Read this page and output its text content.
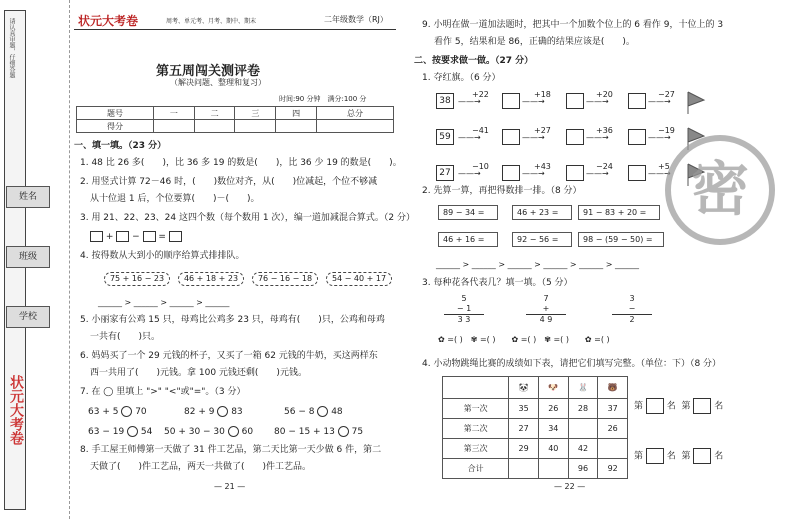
请认真审题，仔细答题
姓名
班级
学校
状元大考卷
状元大考卷	周考、单元考、月考、期中、期末	二年级数学（RJ）
第五周闯关测评卷
（解决问题、整理和复习）
时间:90 分钟　满分:100 分
题号	一	二	三	四	总分
得分					
一、填一填。（23 分）
1. 48 比 26 多(　　)，比 36 多 19 的数是(　　)，比 36 少 19 的数是(　　)。
2. 用竖式计算 72－46 时，(　　)数位对齐，从(　　)位减起，个位不够减
从十位退 1 后，个位要算(　　)－(　　)。
3. 用 21、22、23、24 这四个数（每个数用 1 次），编一道加减混合算式。（2 分）
+  −  =
4. 按得数从大到小的顺序给算式排排队。
75 + 16 − 23	46 + 18 + 23	76 − 16 − 18	54 − 40 + 17
______ > ______ > ______ > ______
5. 小丽家有公鸡 15 只，母鸡比公鸡多 23 只，母鸡有(　　)只，公鸡和母鸡
一共有(　　)只。
6. 妈妈买了一个 29 元钱的杯子，又买了一箱 62 元钱的牛奶，买这两样东
西一共用了(　　)元钱。拿 100 元钱还剩(　　)元钱。
7. 在 ◯ 里填上 ">" "<"或"="。（3 分）
63 + 5 70	82 + 9 83	56 − 8 48
63 − 19 54 50 + 30 − 30 60 80 − 15 + 13 75
8. 手工屋王师傅第一天做了 31 件工艺品，第二天比第一天少做 6 件，第二
天做了(　　)件工艺品，两天一共做了(　　)件工艺品。
— 21 —
9. 小明在做一道加法题时，把其中一个加数个位上的 6 看作 9，十位上的 3
看作 5，结果和是 86，正确的结果应该是(　　)。
二、按要求做一做。（27 分）
1. 夺红旗。（6 分）
38
+22
——→
+18
——→
+20
——→
−27
——→
59
−41
——→
+27
——→
+36
——→
−19
——→
27
−10
——→
+43
——→
−24
——→
+5
——→
2. 先算一算，再把得数排一排。（8 分）
89 − 34 =	46 + 23 =	91 − 83 + 20 =
46 + 16 =	92 − 56 =	98 − (59 − 50) =
______ > ______ > ______ > ______ > ______ > ______
3. 每种花各代表几？填一填。（5 分）
5
− 1
3 3
7
+
4 9
3
−
2
✿ =( )　✾ =( )　　✿ =( )　✾ =( )　　✿ =( )
4. 小动物跳绳比赛的成绩如下表，请把它们填写完整。（单位：下）（8 分）
	🐼	🐶	🐰	🐻
第一次	35	26	28	37
第二次	27	34		26
第三次	29	40	42	
合计			96	92
第	名 第	名
第	名 第	名
— 22 —
密
